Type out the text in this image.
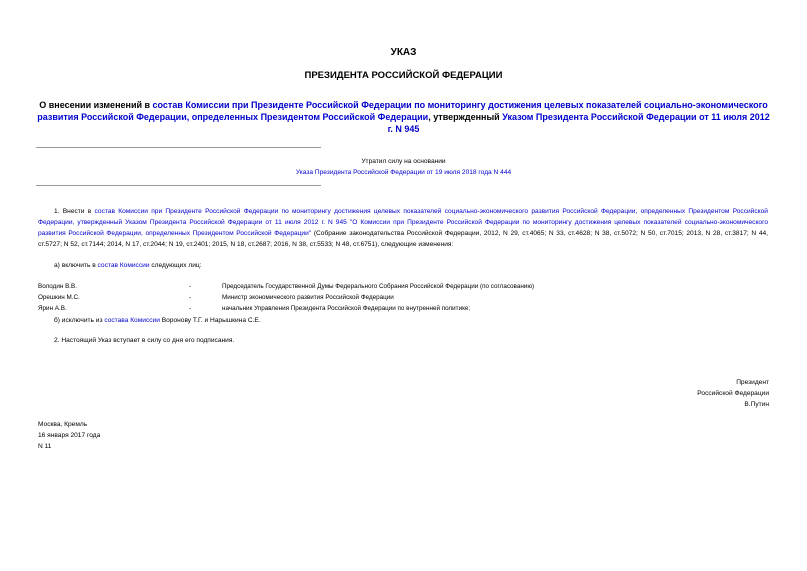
УКАЗ
ПРЕЗИДЕНТА РОССИЙСКОЙ ФЕДЕРАЦИИ
О внесении изменений в состав Комиссии при Президенте Российской Федерации по мониторингу достижения целевых показателей социально-экономического развития Российской Федерации, определенных Президентом Российской Федерации, утвержденный Указом Президента Российской Федерации от 11 июля 2012 г. N 945
Утратил силу на основании
Указа Президента Российской Федерации от 19 июля 2018 года N 444
1. Внести в состав Комиссии при Президенте Российской Федерации по мониторингу достижения целевых показателей социально-экономического развития Российской Федерации, определенных Президентом Российской Федерации, утвержденный Указом Президента Российской Федерации от 11 июля 2012 г. N 945 "О Комиссии при Президенте Российской Федерации по мониторингу достижения целевых показателей социально-экономического развития Российской Федерации, определенных Президентом Российской Федерации" (Собрание законодательства Российской Федерации, 2012, N 29, ст.4065; N 33, ст.4628; N 38, ст.5072; N 50, ст.7015; 2013, N 28, ст.3817; N 44, ст.5727; N 52, ст.7144; 2014, N 17, ст.2044; N 19, ст.2401; 2015, N 18, ст.2687; 2016, N 38, ст.5533; N 48, ст.6751), следующие изменения:
а) включить в состав Комиссии следующих лиц:
Володин В.В.	-	Председатель Государственной Думы Федерального Собрания Российской Федерации (по согласованию)
Орешкин М.С.	-	Министр экономического развития Российской Федерации
Ярин А.В.	-	начальник Управления Президента Российской Федерации по внутренней политике;
б) исключить из состава Комиссии Воронову Т.Г. и Нарышкина С.Е.
2. Настоящий Указ вступает в силу со дня его подписания.
Президент
Российской Федерации
В.Путин
Москва, Кремль
16 января 2017 года
N 11
